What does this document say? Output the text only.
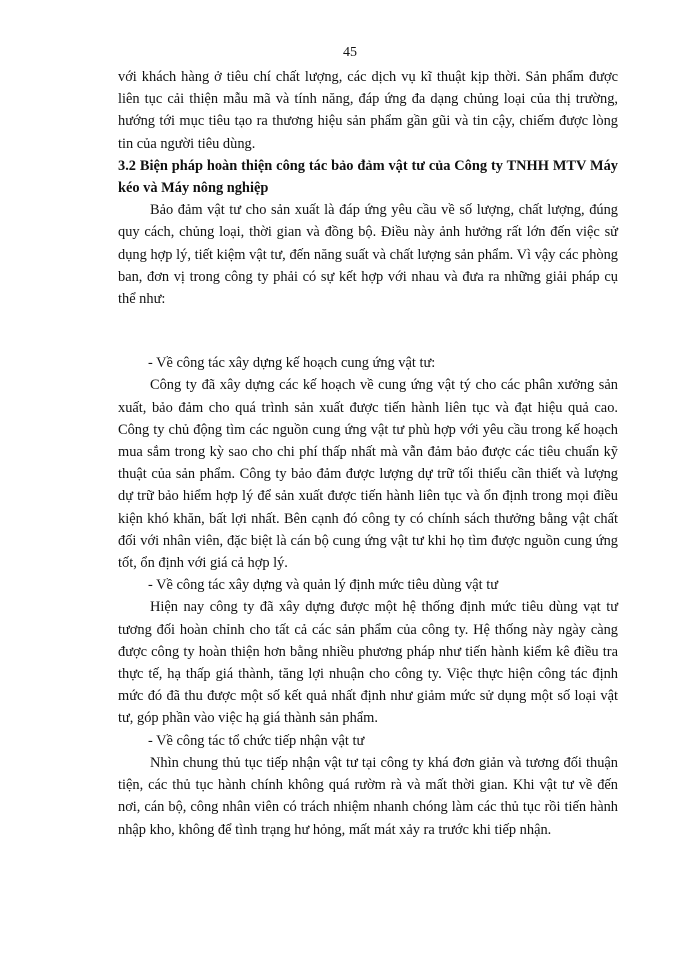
45

với khách hàng ở tiêu chí chất lượng, các dịch vụ kĩ thuật kịp thời. Sản phẩm được liên tục cải thiện mẫu mã và tính năng, đáp ứng đa dạng chủng loại của thị trường, hướng tới mục tiêu tạo ra thương hiệu sản phẩm gần gũi và tin cậy, chiếm được lòng tin của người tiêu dùng.

3.2 Biện pháp hoàn thiện công tác bảo đảm vật tư của Công ty TNHH MTV Máy kéo và Máy nông nghiệp

Bảo đảm vật tư cho sản xuất là đáp ứng yêu cầu về số lượng, chất lượng, đúng quy cách, chủng loại, thời gian và đồng bộ. Điều này ảnh hưởng rất lớn đến việc sử dụng hợp lý, tiết kiệm vật tư, đến năng suất và chất lượng sản phẩm. Vì vậy các phòng ban, đơn vị trong công ty phải có sự kết hợp với nhau và đưa ra những giải pháp cụ thể như:

- Về công tác xây dựng kế hoạch cung ứng vật tư:

Công ty đã xây dựng các kế hoạch về cung ứng vật tý cho các phân xưởng sản xuất, bảo đảm cho quá trình sản xuất được tiến hành liên tục và đạt hiệu quả cao. Công ty chủ động tìm các nguồn cung ứng vật tư phù hợp với yêu cầu trong kế hoạch mua sắm trong kỳ sao cho chi phí thấp nhất mà vẫn đảm bảo được các tiêu chuẩn kỹ thuật của sản phẩm. Công ty bảo đảm được lượng dự trữ tối thiểu cần thiết và lượng dự trữ bảo hiểm hợp lý để sản xuất được tiến hành liên tục và ổn định trong mọi điều kiện khó khăn, bất lợi nhất. Bên cạnh đó công ty có chính sách thưởng bằng vật chất đối với nhân viên, đặc biệt là cán bộ cung ứng vật tư khi họ tìm được nguồn cung ứng tốt, ổn định với giá cả hợp lý.

- Về công tác xây dựng và quản lý định mức tiêu dùng vật tư

Hiện nay công ty đã xây dựng được một hệ thống định mức tiêu dùng vạt tư tương đối hoàn chỉnh cho tất cả các sản phẩm của công ty. Hệ thống này ngày càng được công ty hoàn thiện hơn bằng nhiều phương pháp như tiến hành kiểm kê điều tra thực tế, hạ thấp giá thành, tăng lợi nhuận cho công ty. Việc thực hiện công tác định mức đó đã thu được một số kết quả nhất định như giảm mức sử dụng một số loại vật tư, góp phần vào việc hạ giá thành sản phẩm.

- Về công tác tổ chức tiếp nhận vật tư

Nhìn chung thủ tục tiếp nhận vật tư tại công ty khá đơn giản và tương đối thuận tiện, các thủ tục hành chính không quá rườm rà và mất thời gian. Khi vật tư về đến nơi, cán bộ, công nhân viên có trách nhiệm nhanh chóng làm các thủ tục rồi tiến hành nhập kho, không để tình trạng hư hỏng, mất mát xảy ra trước khi tiếp nhận.
